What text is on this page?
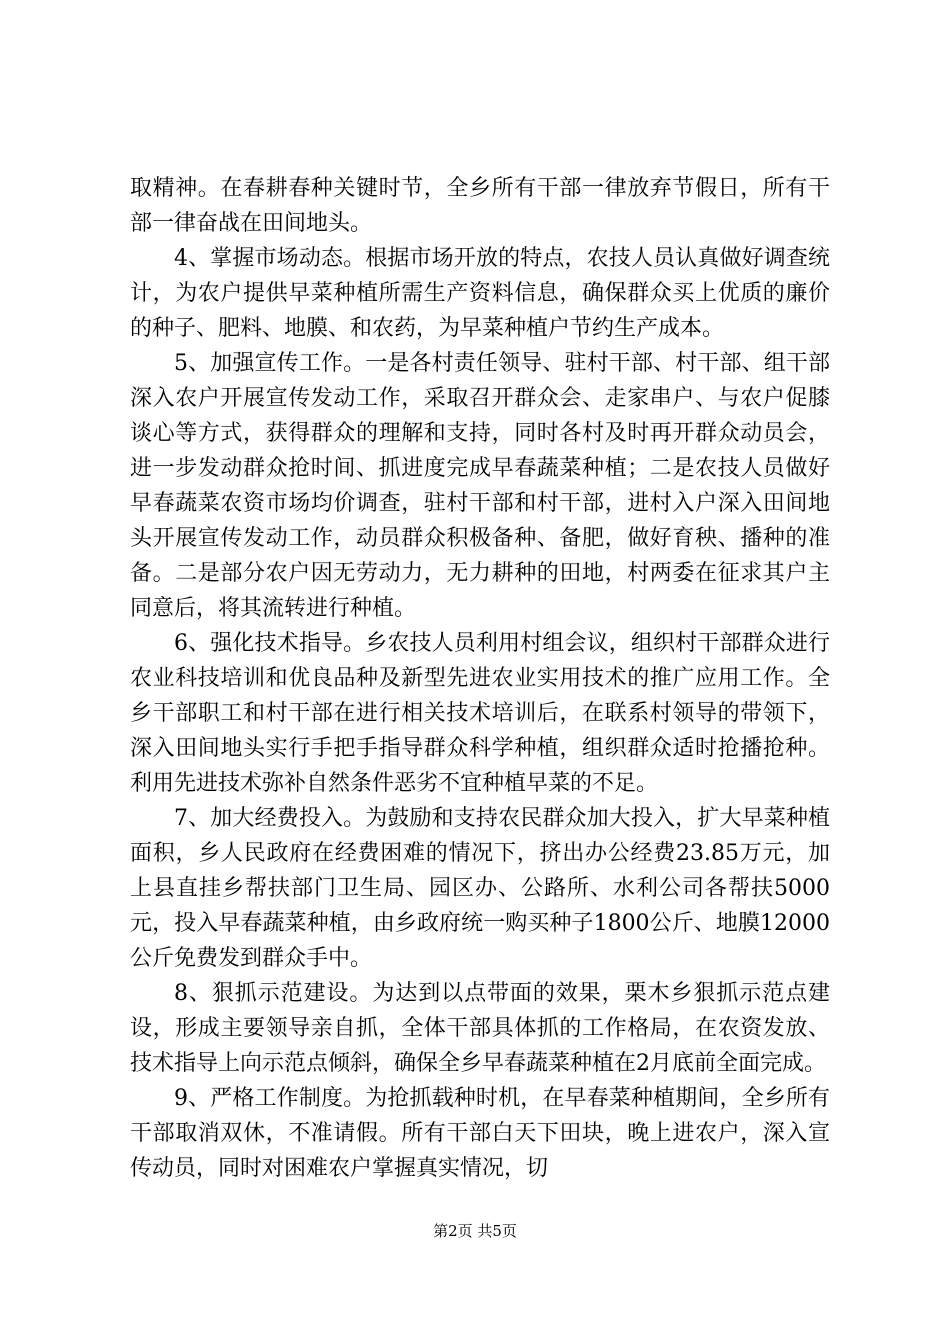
取精神。在春耕春种关键时节，全乡所有干部一律放弃节假日，所有干部一律奋战在田间地头。

4、掌握市场动态。根据市场开放的特点，农技人员认真做好调查统计，为农户提供早菜种植所需生产资料信息，确保群众买上优质的廉价的种子、肥料、地膜、和农药，为早菜种植户节约生产成本。

5、加强宣传工作。一是各村责任领导、驻村干部、村干部、组干部深入农户开展宣传发动工作，采取召开群众会、走家串户、与农户促膝谈心等方式，获得群众的理解和支持，同时各村及时再开群众动员会，进一步发动群众抢时间、抓进度完成早春蔬菜种植；二是农技人员做好早春蔬菜农资市场均价调查，驻村干部和村干部，进村入户深入田间地头开展宣传发动工作，动员群众积极备种、备肥，做好育秧、播种的准备。二是部分农户因无劳动力，无力耕种的田地，村两委在征求其户主同意后，将其流转进行种植。

6、强化技术指导。乡农技人员利用村组会议，组织村干部群众进行农业科技培训和优良品种及新型先进农业实用技术的推广应用工作。全乡干部职工和村干部在进行相关技术培训后，在联系村领导的带领下，深入田间地头实行手把手指导群众科学种植，组织群众适时抢播抢种。利用先进技术弥补自然条件恶劣不宜种植早菜的不足。

7、加大经费投入。为鼓励和支持农民群众加大投入，扩大早菜种植面积，乡人民政府在经费困难的情况下，挤出办公经费23.85万元，加上县直挂乡帮扶部门卫生局、园区办、公路所、水利公司各帮扶5000元，投入早春蔬菜种植，由乡政府统一购买种子1800公斤、地膜12000公斤免费发到群众手中。

8、狠抓示范建设。为达到以点带面的效果，栗木乡狠抓示范点建设，形成主要领导亲自抓，全体干部具体抓的工作格局，在农资发放、技术指导上向示范点倾斜，确保全乡早春蔬菜种植在2月底前全面完成。

9、严格工作制度。为抢抓载种时机，在早春菜种植期间，全乡所有干部取消双休，不准请假。所有干部白天下田块，晚上进农户，深入宣传动员，同时对困难农户掌握真实情况，切

第2页 共5页
